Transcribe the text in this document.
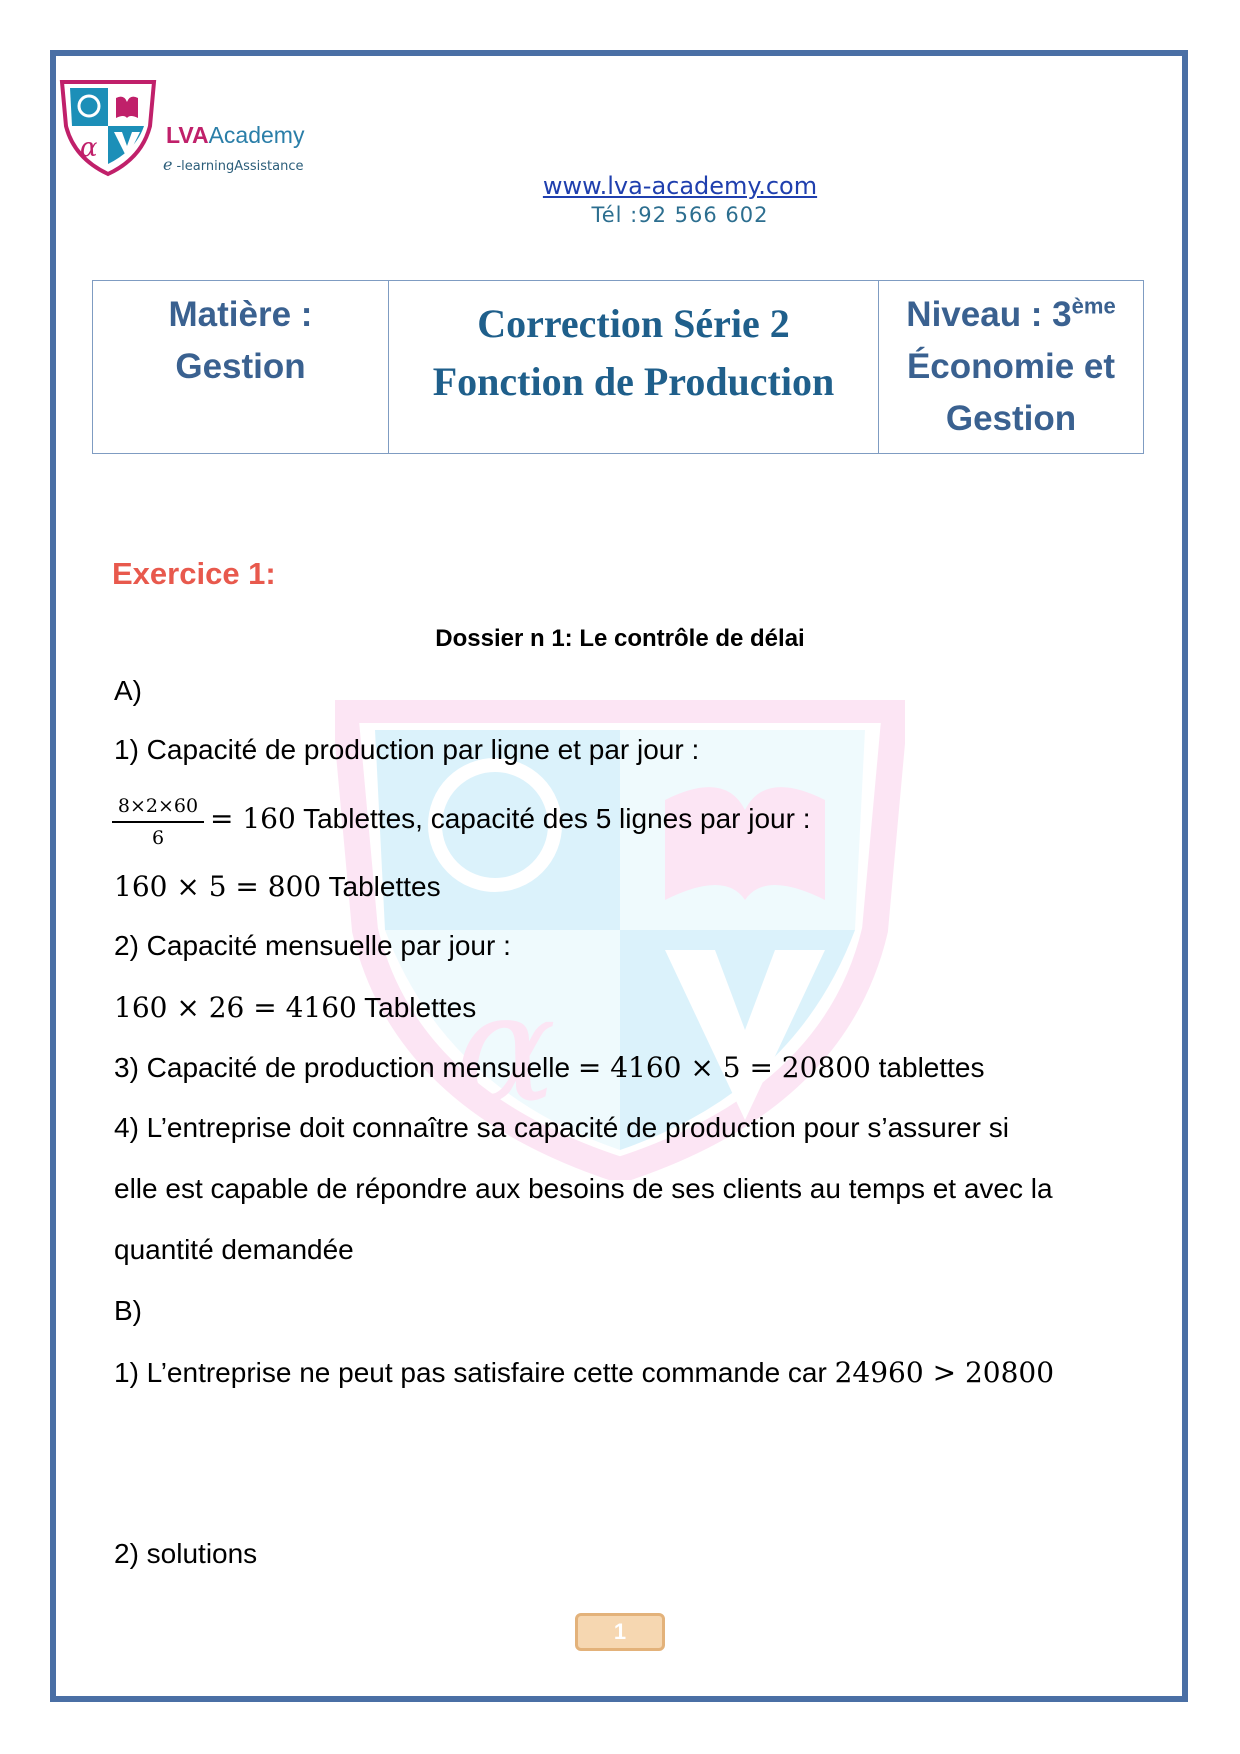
α
α	LVAAcademy
e -learningAssistance
www.lva-academy.com
Tél :92 566 602
Matière :
Gestion
Correction Série 2
Fonction de Production
Niveau : 3ème
Économie et
Gestion
Exercice 1:
Dossier n 1: Le contrôle de délai
A)
1) Capacité de production par ligne et par jour :
$\frac{8\times 2\times 60}{6} = 160$ Tablettes, capacité des 5 lignes par jour :
160 × 5 = 800 Tablettes
2) Capacité mensuelle par jour :
160 × 26 = 4160 Tablettes
3) Capacité de production mensuelle = 4160 × 5 = 20800 tablettes
4) L’entreprise doit connaître sa capacité de production pour s’assurer si
elle est capable de répondre aux besoins de ses clients au temps et avec la
quantité demandée
B)
1) L’entreprise ne peut pas satisfaire cette commande car 24960 > 20800
2) solutions
1
